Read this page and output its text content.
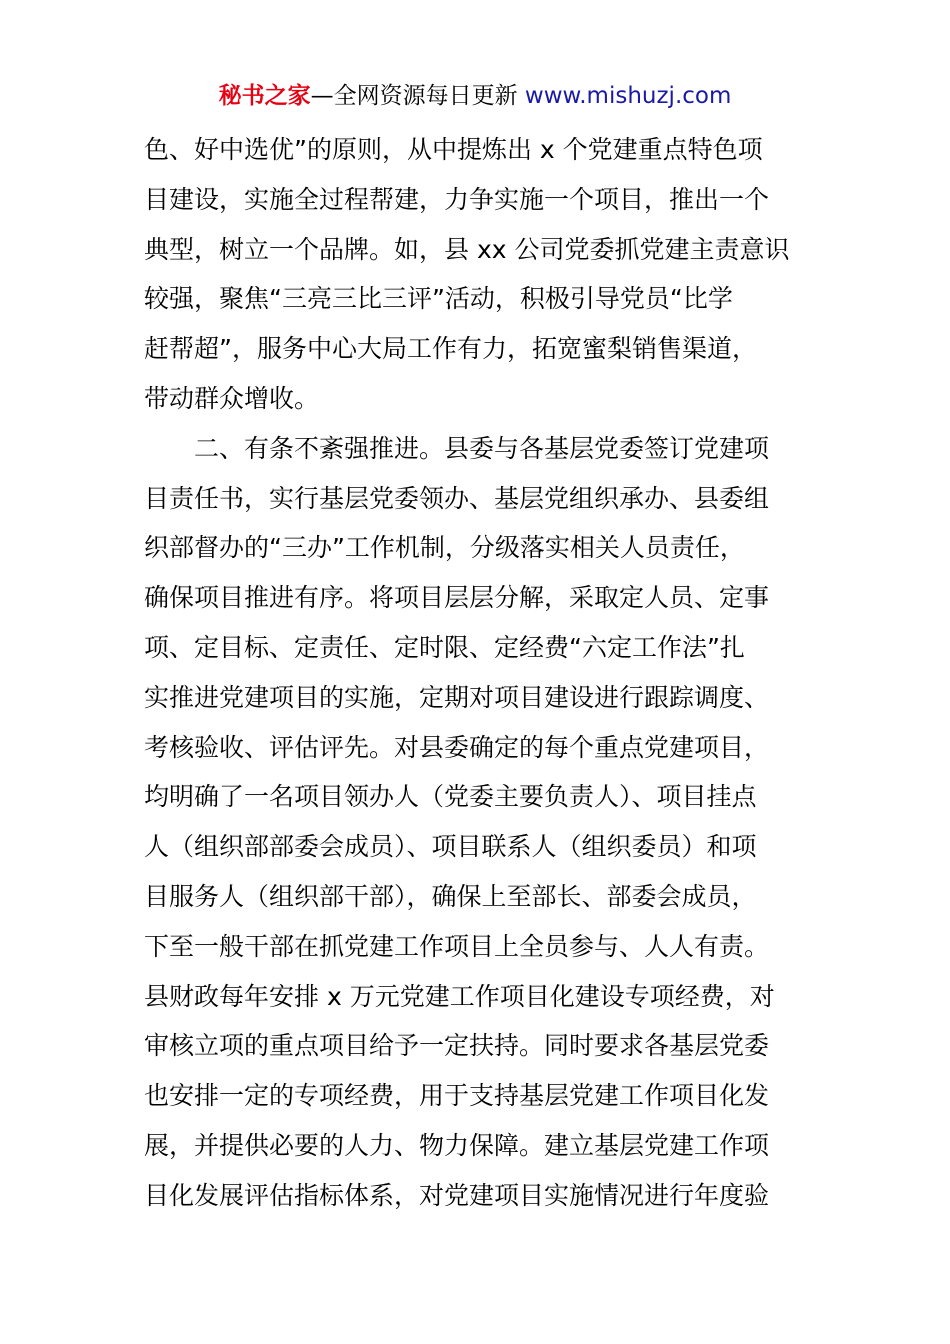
秘书之家—全网资源每日更新 www.mishuzj.com
色、好中选优”的原则，从中提炼出 x 个党建重点特色项
目建设，实施全过程帮建，力争实施一个项目，推出一个
典型，树立一个品牌。如，县 xx 公司党委抓党建主责意识
较强，聚焦“三亮三比三评”活动，积极引导党员“比学
赶帮超”，服务中心大局工作有力，拓宽蜜梨销售渠道，
带动群众增收。
二、有条不紊强推进。县委与各基层党委签订党建项
目责任书，实行基层党委领办、基层党组织承办、县委组
织部督办的“三办”工作机制，分级落实相关人员责任，
确保项目推进有序。将项目层层分解，采取定人员、定事
项、定目标、定责任、定时限、定经费“六定工作法”扎
实推进党建项目的实施，定期对项目建设进行跟踪调度、
考核验收、评估评先。对县委确定的每个重点党建项目，
均明确了一名项目领办人（党委主要负责人）、项目挂点
人（组织部部委会成员）、项目联系人（组织委员）和项
目服务人（组织部干部），确保上至部长、部委会成员，
下至一般干部在抓党建工作项目上全员参与、人人有责。
县财政每年安排 x 万元党建工作项目化建设专项经费，对
审核立项的重点项目给予一定扶持。同时要求各基层党委
也安排一定的专项经费，用于支持基层党建工作项目化发
展，并提供必要的人力、物力保障。建立基层党建工作项
目化发展评估指标体系，对党建项目实施情况进行年度验
